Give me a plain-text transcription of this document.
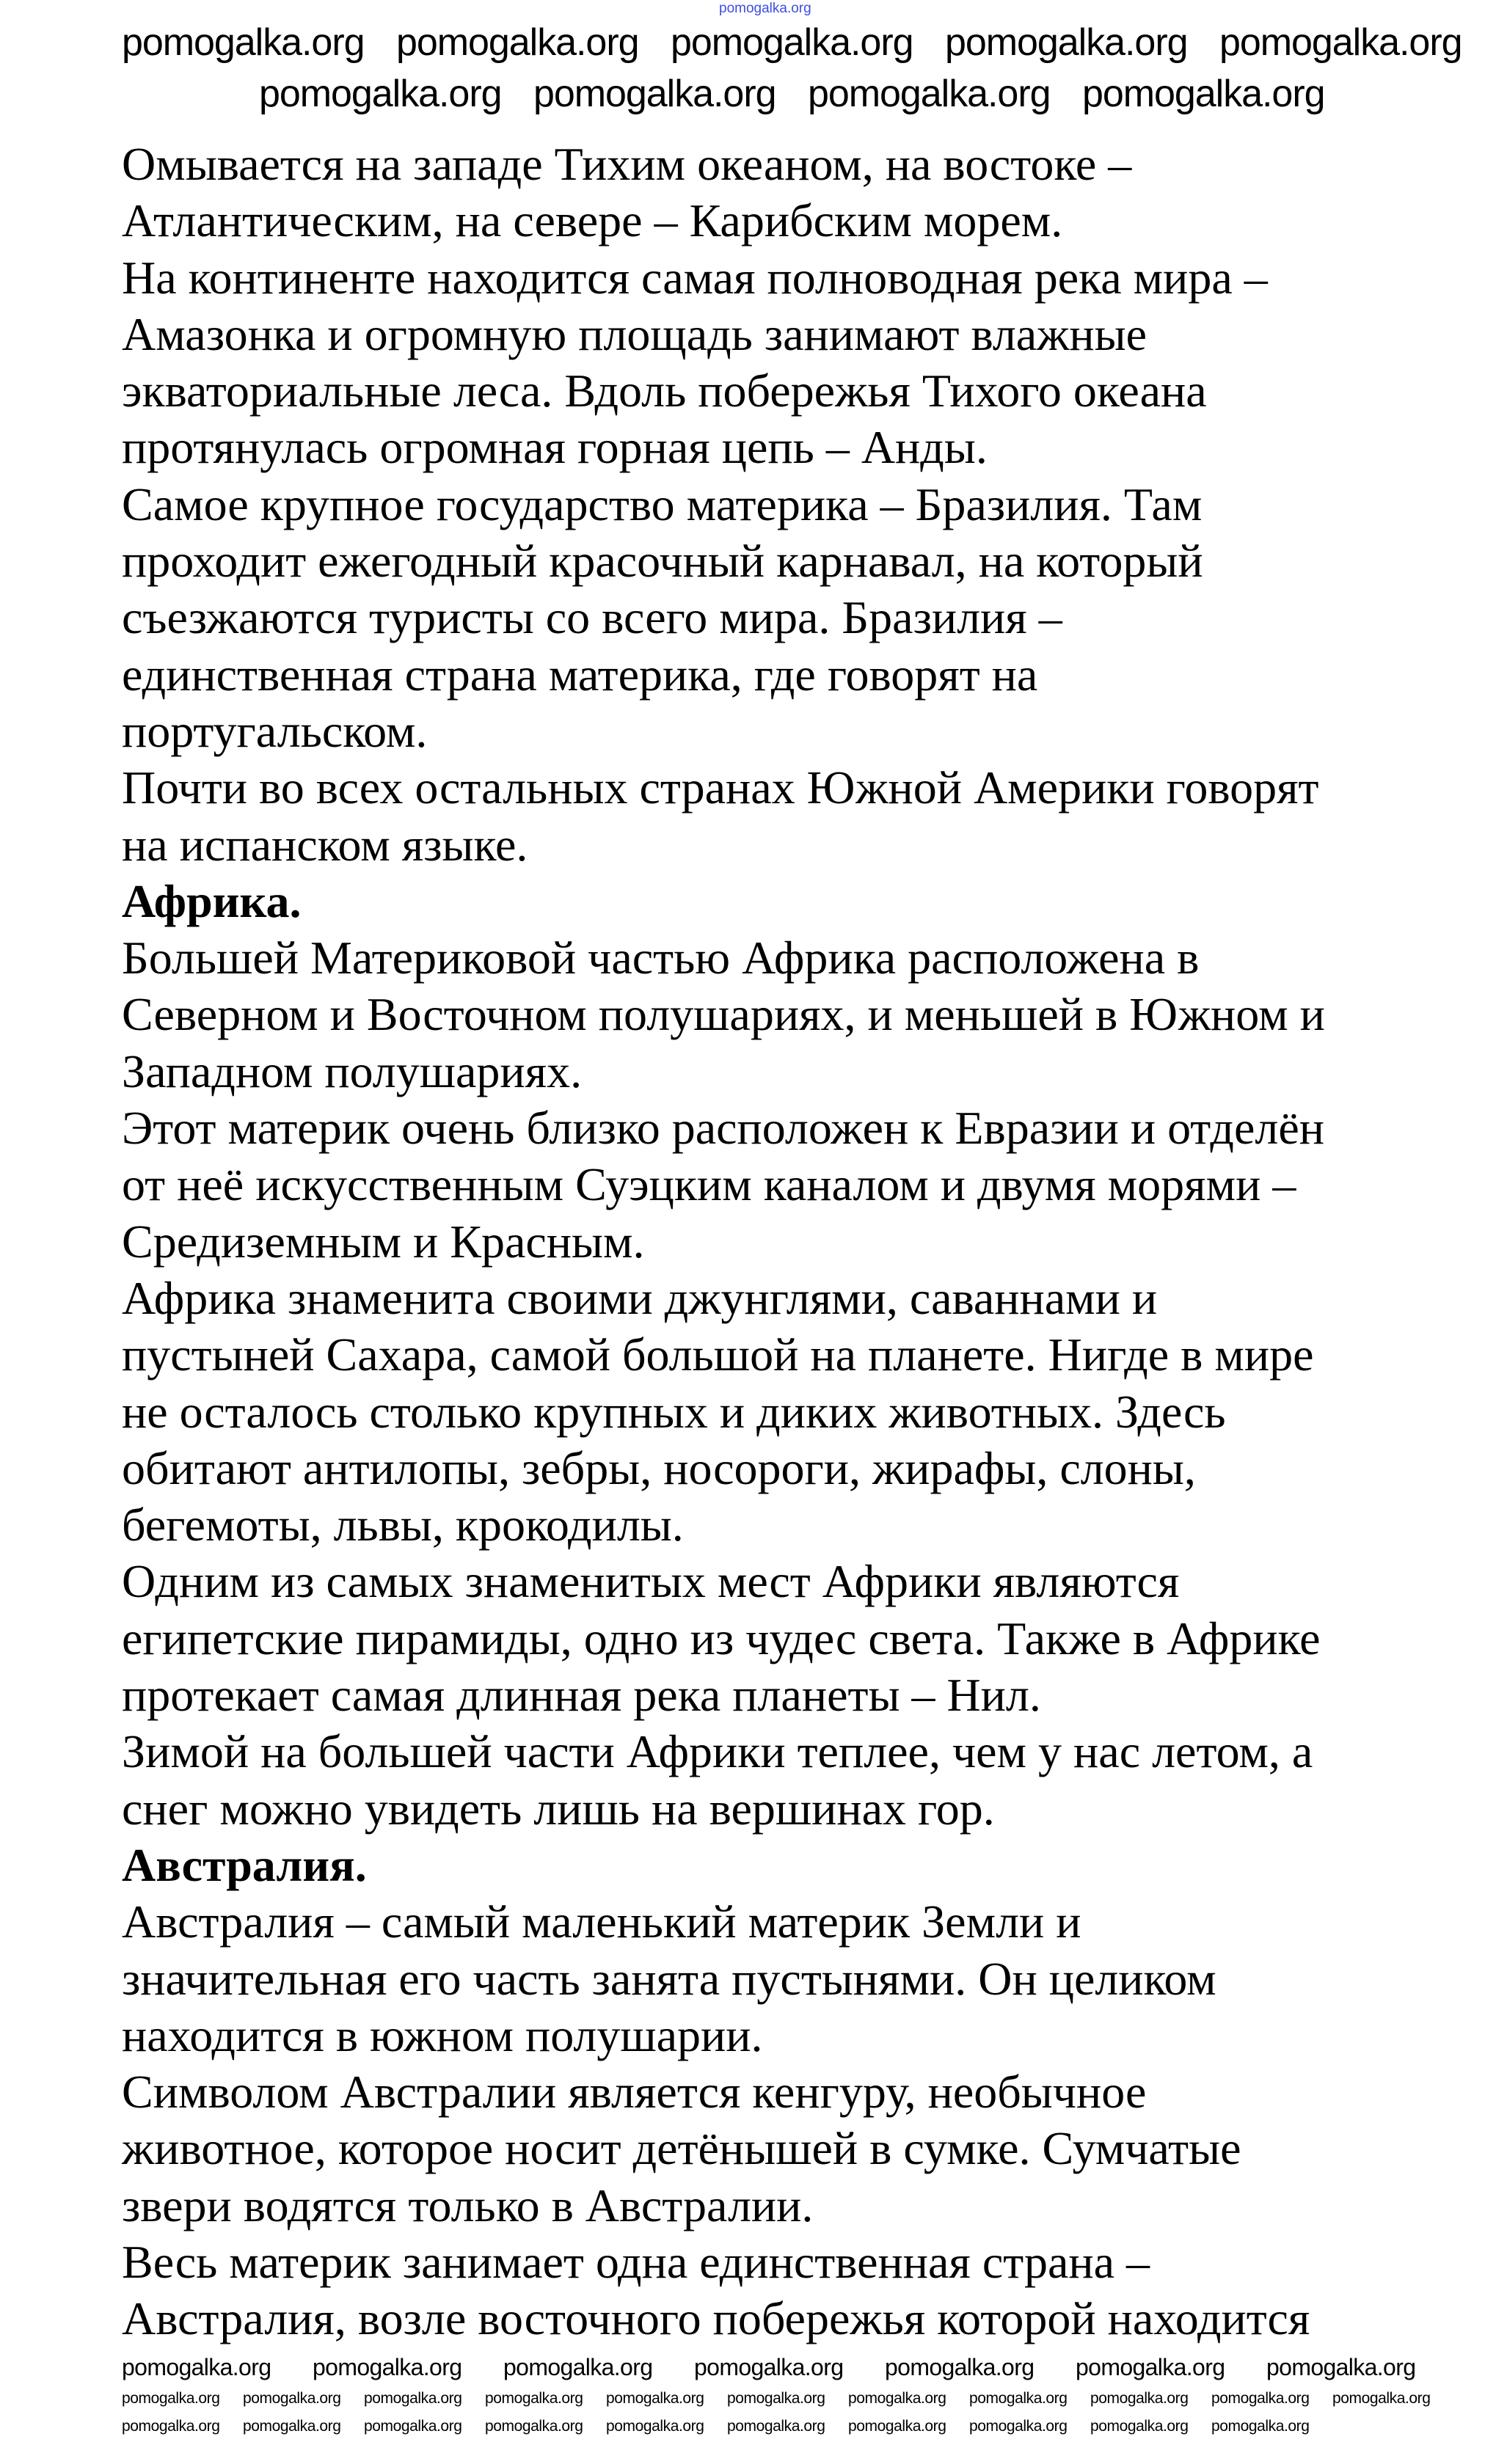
pomogalka.org
Омывается на западе Тихим океаном, на востоке –
Атлантическим, на севере – Карибским морем.
На континенте находится самая полноводная река мира –
Амазонка и огромную площадь занимают влажные
экваториальные леса. Вдоль побережья Тихого океана
протянулась огромная горная цепь – Анды.
Самое крупное государство материка – Бразилия. Там
проходит ежегодный красочный карнавал, на который
съезжаются туристы со всего мира. Бразилия –
единственная страна материка, где говорят на
португальском.
Почти во всех остальных странах Южной Америки говорят
на испанском языке.
Африка.
Большей Материковой частью Африка расположена в
Северном и Восточном полушариях, и меньшей в Южном и
Западном полушариях.
Этот материк очень близко расположен к Евразии и отделён
от неё искусственным Суэцким каналом и двумя морями –
Средиземным и Красным.
Африка знаменита своими джунглями, саваннами и
пустыней Сахара, самой большой на планете. Нигде в мире
не осталось столько крупных и диких животных. Здесь
обитают антилопы, зебры, носороги, жирафы, слоны,
бегемоты, львы, крокодилы.
Одним из самых знаменитых мест Африки являются
египетские пирамиды, одно из чудес света. Также в Африке
протекает самая длинная река планеты – Нил.
Зимой на большей части Африки теплее, чем у нас летом, а
снег можно увидеть лишь на вершинах гор.
Австралия.
Австралия – самый маленький материк Земли и
значительная его часть занята пустынями. Он целиком
находится в южном полушарии.
Символом Австралии является кенгуру, необычное
животное, которое носит детёнышей в сумке. Сумчатые
звери водятся только в Австралии.
Весь материк занимает одна единственная страна –
Австралия, возле восточного побережья которой находится
pomogalka.org pomogalka.org pomogalka.org pomogalka.org pomogalka.org
pomogalka.org pomogalka.org pomogalka.org pomogalka.org
pomogalka.org pomogalka.org pomogalka.org pomogalka.org pomogalka.org pomogalka.org pomogalka.org
pomogalka.org pomogalka.org pomogalka.org pomogalka.org pomogalka.org pomogalka.org pomogalka.org pomogalka.org pomogalka.org pomogalka.org pomogalka.org
pomogalka.org pomogalka.org pomogalka.org pomogalka.org pomogalka.org pomogalka.org pomogalka.org pomogalka.org pomogalka.org pomogalka.org
